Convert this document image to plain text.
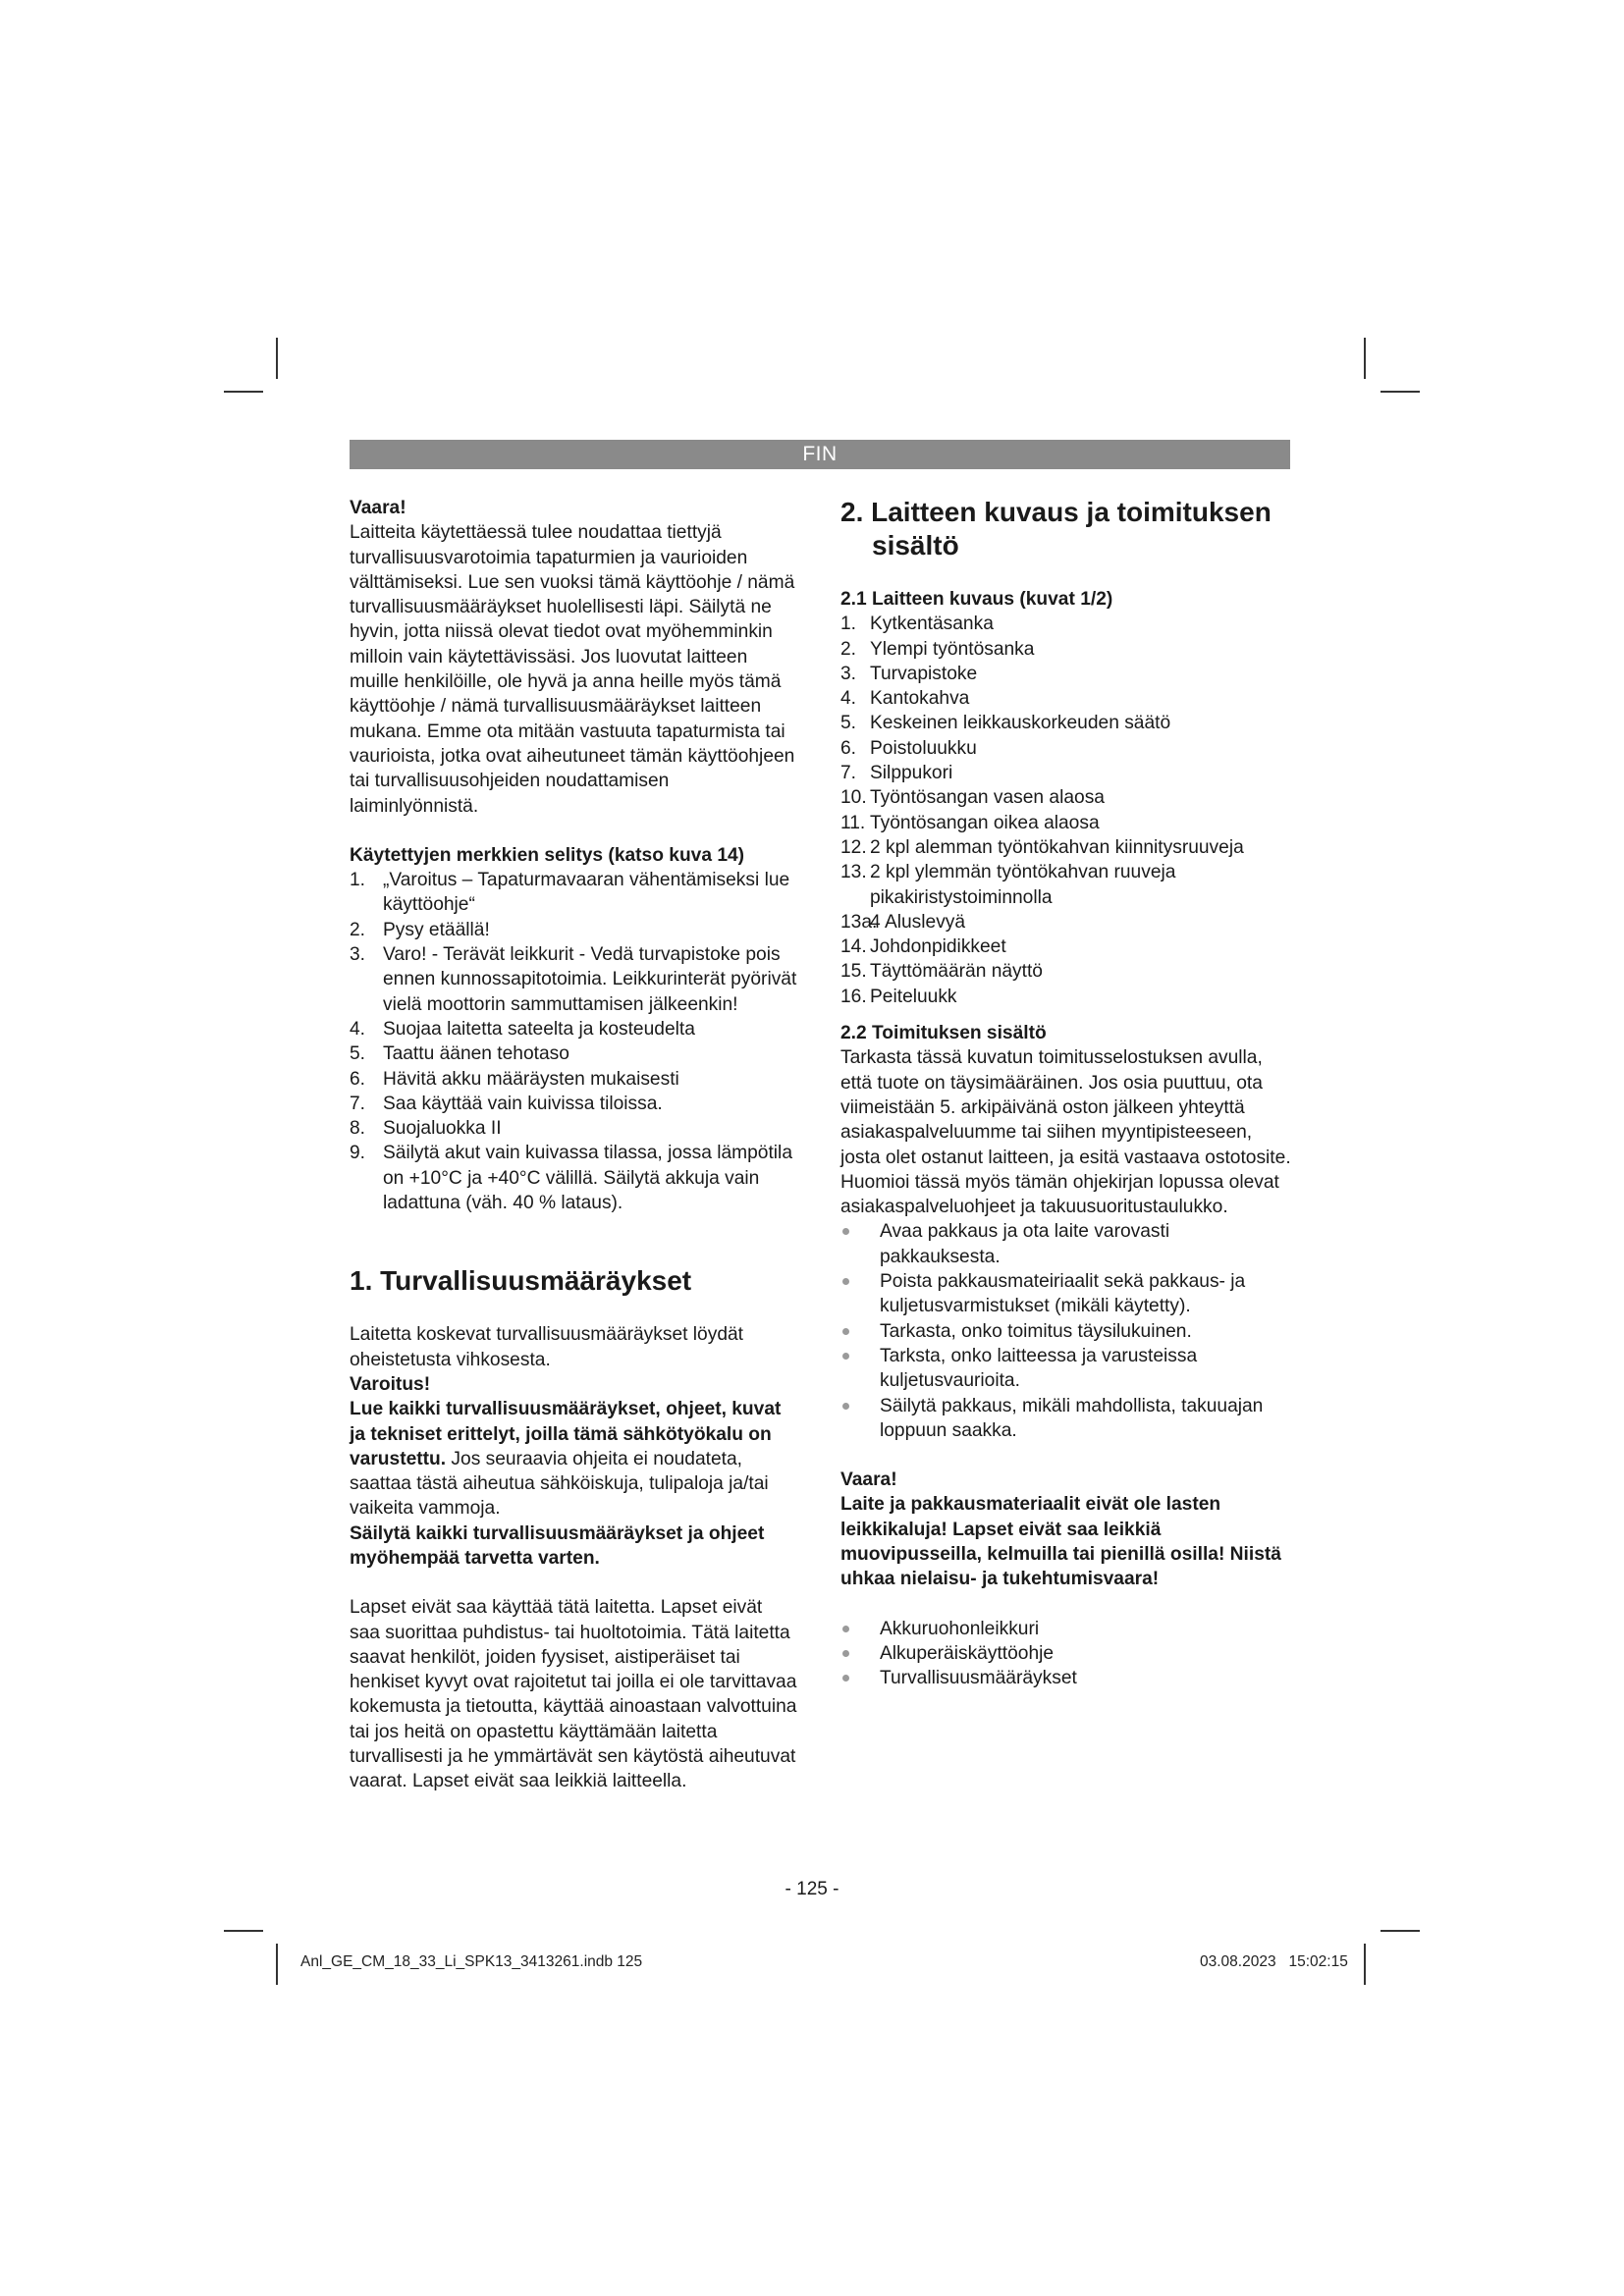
FIN

Vaara!

Laitteita käytettäessä tulee noudattaa tiettyjä turvallisuusvarotoimia tapaturmien ja vaurioiden välttämiseksi. Lue sen vuoksi tämä käyttöohje / nämä turvallisuusmääräykset huolellisesti läpi. Säilytä ne hyvin, jotta niissä olevat tiedot ovat myöhemminkin milloin vain käytettävissäsi. Jos luovutat laitteen muille henkilöille, ole hyvä ja anna heille myös tämä käyttöohje / nämä turvallisuusmääräykset laitteen mukana. Emme ota mitään vastuuta tapaturmista tai vaurioista, jotka ovat aiheutuneet tämän käyttöohjeen tai turvallisuusohjeiden noudattamisen laiminlyönnistä.

Käytettyjen merkkien selitys (katso kuva 14)

1. „Varoitus – Tapaturmavaaran vähentämiseksi lue käyttöohje“
2. Pysy etäällä!
3. Varo! - Terävät leikkurit - Vedä turvapistoke pois ennen kunnossapitotoimia. Leikkurinterät pyörivät vielä moottorin sammuttamisen jälkeenkin!
4. Suojaa laitetta sateelta ja kosteudelta
5. Taattu äänen tehotaso
6. Hävitä akku määräysten mukaisesti
7. Saa käyttää vain kuivissa tiloissa.
8. Suojaluokka II
9. Säilytä akut vain kuivassa tilassa, jossa lämpötila on +10°C ja +40°C välillä. Säilytä akkuja vain ladattuna (väh. 40 % lataus).
1. Turvallisuusmääräykset

Laitetta koskevat turvallisuusmääräykset löydät oheistetusta vihkosesta.

Varoitus!

Lue kaikki turvallisuusmääräykset, ohjeet, kuvat ja tekniset erittelyt, joilla tämä sähkötyökalu on varustettu. Jos seuraavia ohjeita ei noudateta, saattaa tästä aiheutua sähköiskuja, tulipaloja ja/tai vaikeita vammoja.

Säilytä kaikki turvallisuusmääräykset ja ohjeet myöhempää tarvetta varten.

Lapset eivät saa käyttää tätä laitetta. Lapset eivät saa suorittaa puhdistus- tai huoltotoimia. Tätä laitetta saavat henkilöt, joiden fyysiset, aistiperäiset tai henkiset kyvyt ovat rajoitetut tai joilla ei ole tarvittavaa kokemusta ja tietoutta, käyttää ainoastaan valvottuina tai jos heitä on opastettu käyttämään laitetta turvallisesti ja he ymmärtävät sen käytöstä aiheutuvat vaarat. Lapset eivät saa leikkiä laitteella.

2. Laitteen kuvaus ja toimituksen
sisältö

2.1 Laitteen kuvaus (kuvat 1/2)

1. Kytkentäsanka
2. Ylempi työntösanka
3. Turvapistoke
4. Kantokahva
5. Keskeinen leikkauskorkeuden säätö
6. Poistoluukku
7. Silppukori
10. Työntösangan vasen alaosa
11. Työntösangan oikea alaosa
12. 2 kpl alemman työntökahvan kiinnitysruuveja
13. 2 kpl ylemmän työntökahvan ruuveja pikakiristystoiminnolla
13a.
4 Aluslevyä
14. Johdonpidikkeet
15. Täyttömäärän näyttö
16. Peiteluukk

2.2 Toimituksen sisältö

Tarkasta tässä kuvatun toimitusselostuksen avulla, että tuote on täysimääräinen. Jos osia puuttuu, ota viimeistään 5. arkipäivänä oston jälkeen yhteyttä asiakaspalveluumme tai siihen myyntipisteeseen, josta olet ostanut laitteen, ja esitä vastaava ostotosite. Huomioi tässä myös tämän ohjekirjan lopussa olevat asiakaspalveluohjeet ja takuusuoritustaulukko.

Avaa pakkaus ja ota laite varovasti pakkauksesta.
Poista pakkausmateiriaalit sekä pakkaus- ja kuljetusvarmistukset (mikäli käytetty).
Tarkasta, onko toimitus täysilukuinen.
Tarksta, onko laitteessa ja varusteissa kuljetusvaurioita.
Säilytä pakkaus, mikäli mahdollista, takuuajan loppuun saakka.

Vaara!

Laite ja pakkausmateriaalit eivät ole lasten leikkikaluja! Lapset eivät saa leikkiä muovipusseilla, kelmuilla tai pienillä osilla! Niistä uhkaa nielaisu- ja tukehtumisvaara!

Akkuruohonleikkuri
Alkuperäiskäyttöohje
Turvallisuusmääräykset
- 125 -
Anl_GE_CM_18_33_Li_SPK13_3413261.indb 125	03.08.2023 15:02:15
